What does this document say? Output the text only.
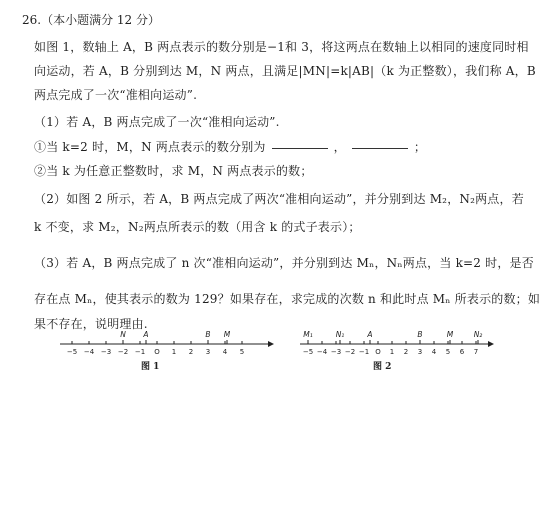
26.（本小题满分 12 分）
如图 1，数轴上 A，B 两点表示的数分别是−1和 3，将这两点在数轴上以相同的速度同时相
向运动，若 A，B 分别到达 M，N 两点，且满足|MN|=k|AB|（k 为正整数），我们称 A，B
两点完成了一次“准相向运动”.
（1）若 A，B 两点完成了一次“准相向运动”.
①当 k=2 时，M，N 两点表示的数分别为	，	；
②当 k 为任意正整数时，求 M，N 两点表示的数；
（2）如图 2 所示，若 A，B 两点完成了两次“准相向运动”，并分别到达 M₂，N₂两点，若
k 不变，求 M₂，N₂两点所表示的数（用含 k 的式子表示）；
（3）若 A，B 两点完成了 n 次“准相向运动”，并分别到达 Mₙ，Nₙ两点，当 k=2 时，是否
存在点 Mₙ，使其表示的数为 129？如果存在，求完成的次数 n 和此时点 Mₙ 所表示的数；如
果不存在，说明理由.
−5 −4 −3 −2 −1 O 1 2 3 4 5
N A	B M
图 1
−5 −4 −3 −2 −1 O 1 2 3 4 5 6 7
M₁	N₁	A	B	M	N₂
图 2
